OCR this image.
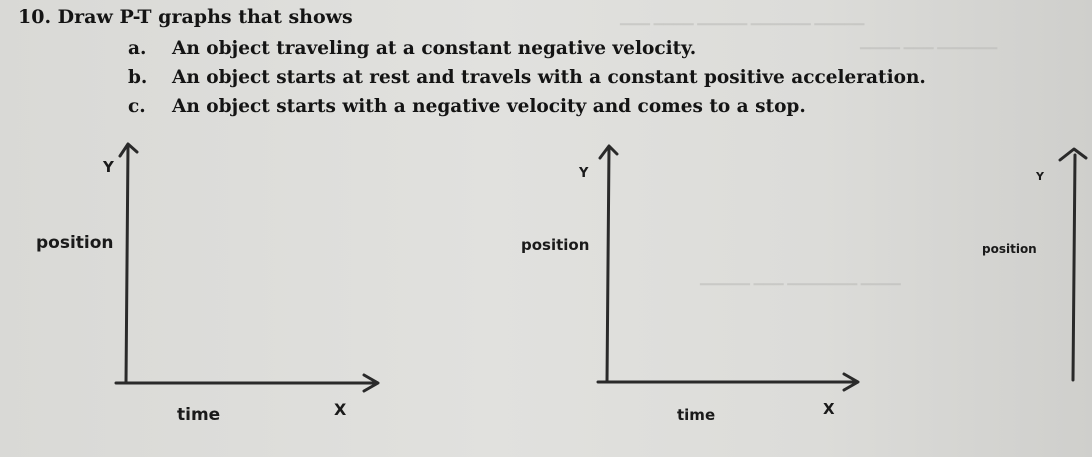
▁▁▁ ▁▁▁▁ ▁▁▁▁▁ ▁▁▁▁▁▁ ▁▁▁▁▁
▁▁▁▁ ▁▁▁ ▁▁▁▁▁▁
▁▁▁▁▁ ▁▁▁ ▁▁▁▁▁▁▁ ▁▁▁▁
10. Draw P-T graphs that shows
a. An object traveling at a constant negative velocity.
b. An object starts at rest and travels with a constant positive acceleration.
c. An object starts with a negative velocity and comes to a stop.
Y
position
time	X
Y
position
time	X
Y
position
